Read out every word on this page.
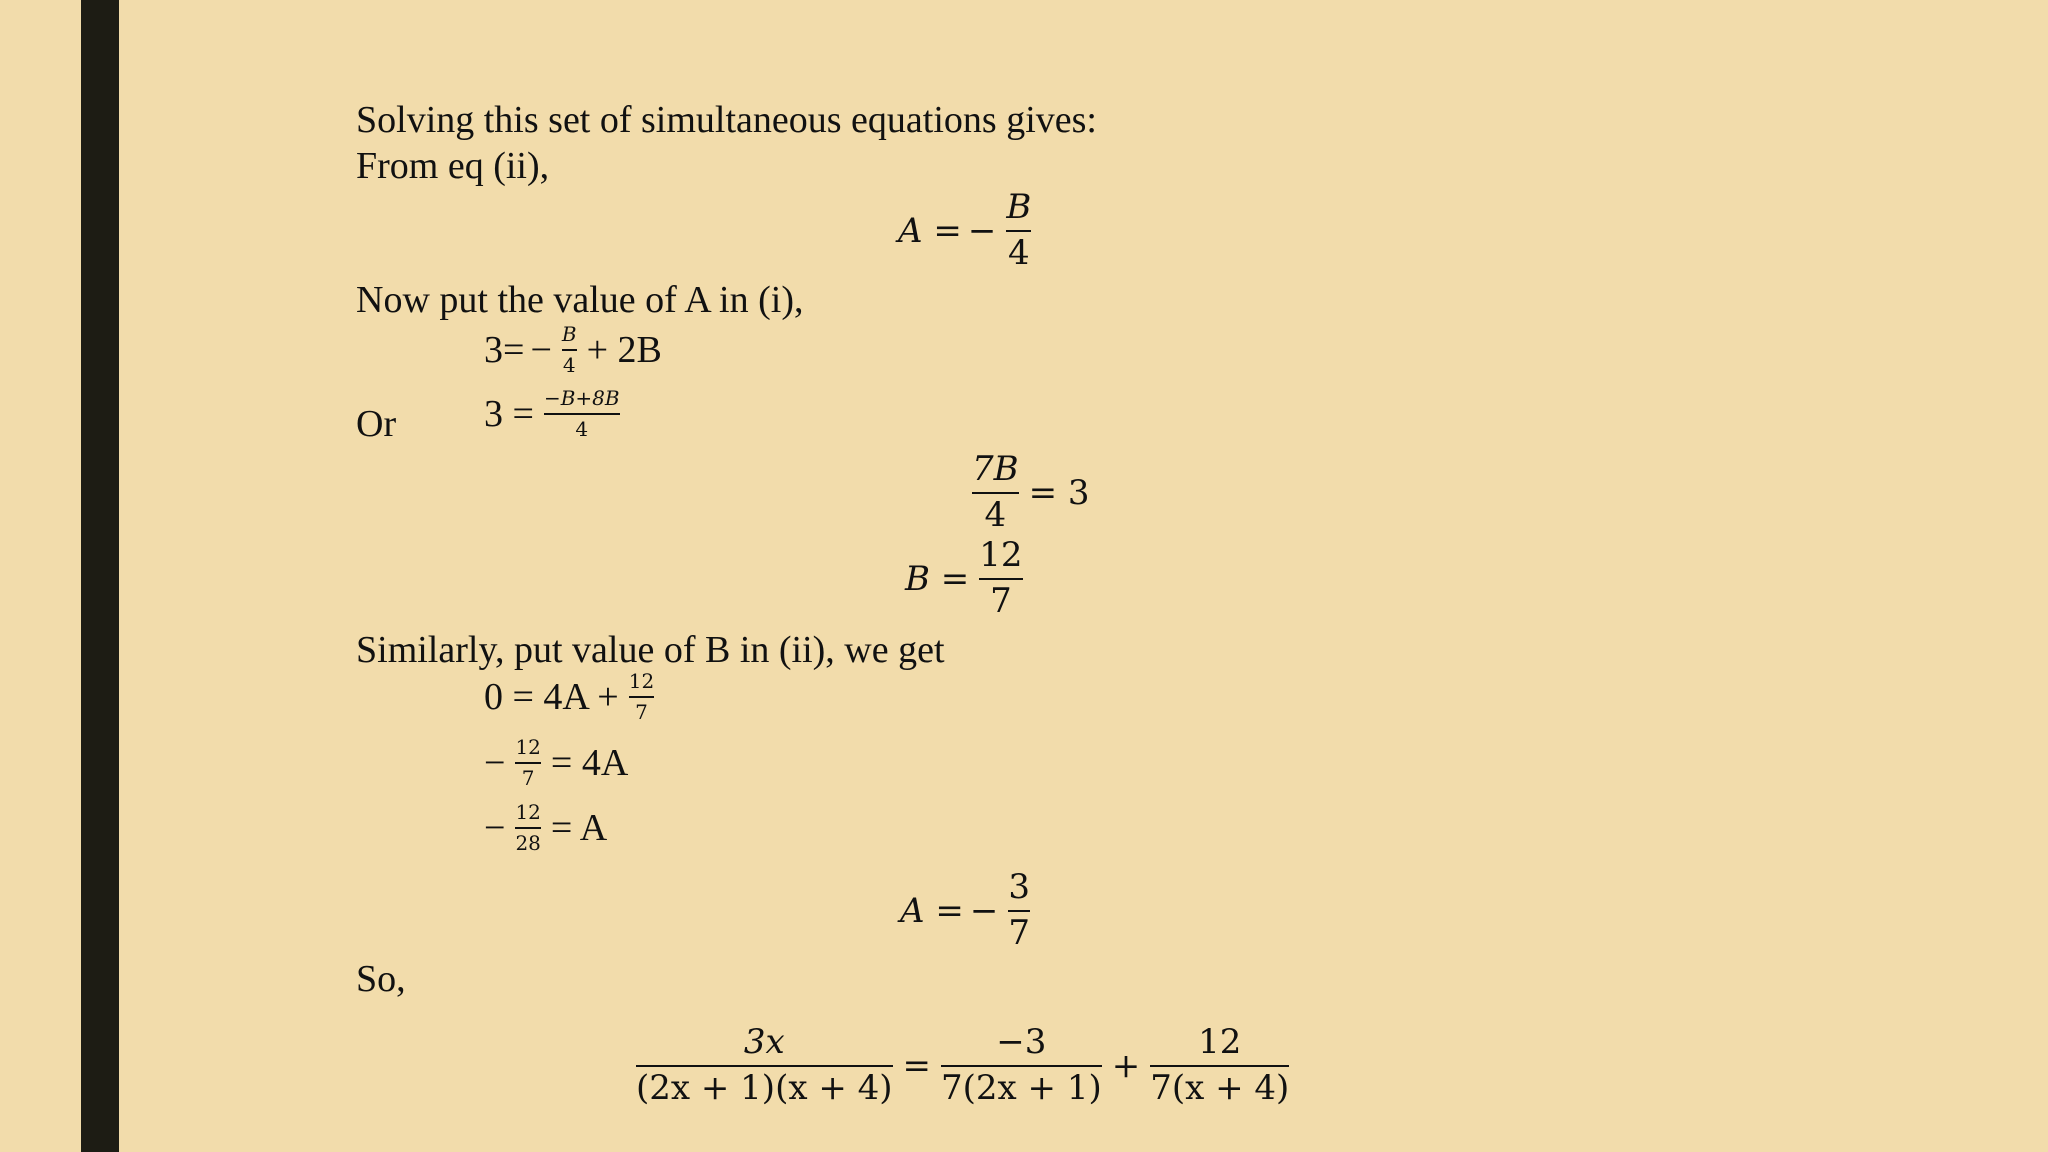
Solving this set of simultaneous equations gives:
From eq (ii),
A = − $\frac{B}{4}$
Now put the value of A in (i),
$3= - \frac{B}{4} + 2B$
Or $3 = \frac{-B+8B}{4}$
$\frac{7B}{4} = 3$
$B = \frac{12}{7}$
Similarly, put value of B in (ii), we get
$0 = 4A + \frac{12}{7}$
− $\frac{12}{7} = 4A$
− $\frac{12}{28} = A$
A = − $\frac{3}{7}$
So,
$\frac{3x}{(2x + 1)(x + 4)} = \frac{-3}{7(2x + 1)} + \frac{12}{7(x + 4)}$
